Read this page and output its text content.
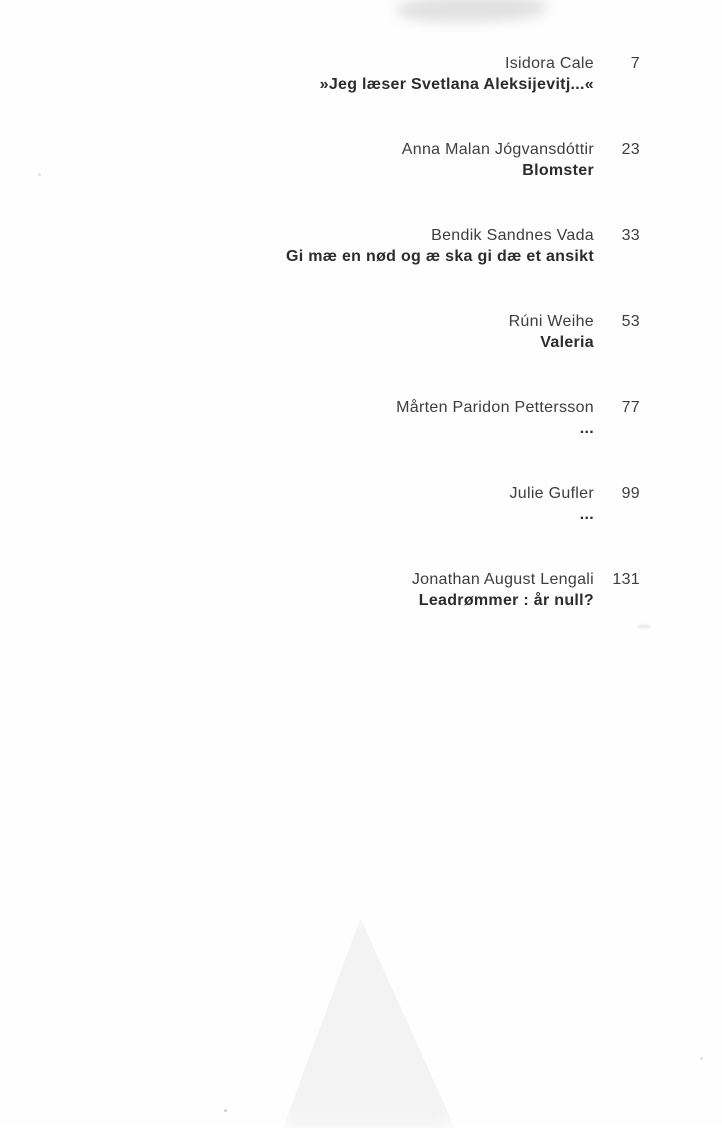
Isidora Cale	7
»Jeg læser Svetlana Aleksijevitj...«
Anna Malan Jógvansdóttir	23
Blomster
Bendik Sandnes Vada	33
Gi mæ en nød og æ ska gi dæ et ansikt
Rúni Weihe	53
Valeria
Mårten Paridon Pettersson	77
...
Julie Gufler	99
...
Jonathan August Lengali	131
Leadrømmer : år null?
